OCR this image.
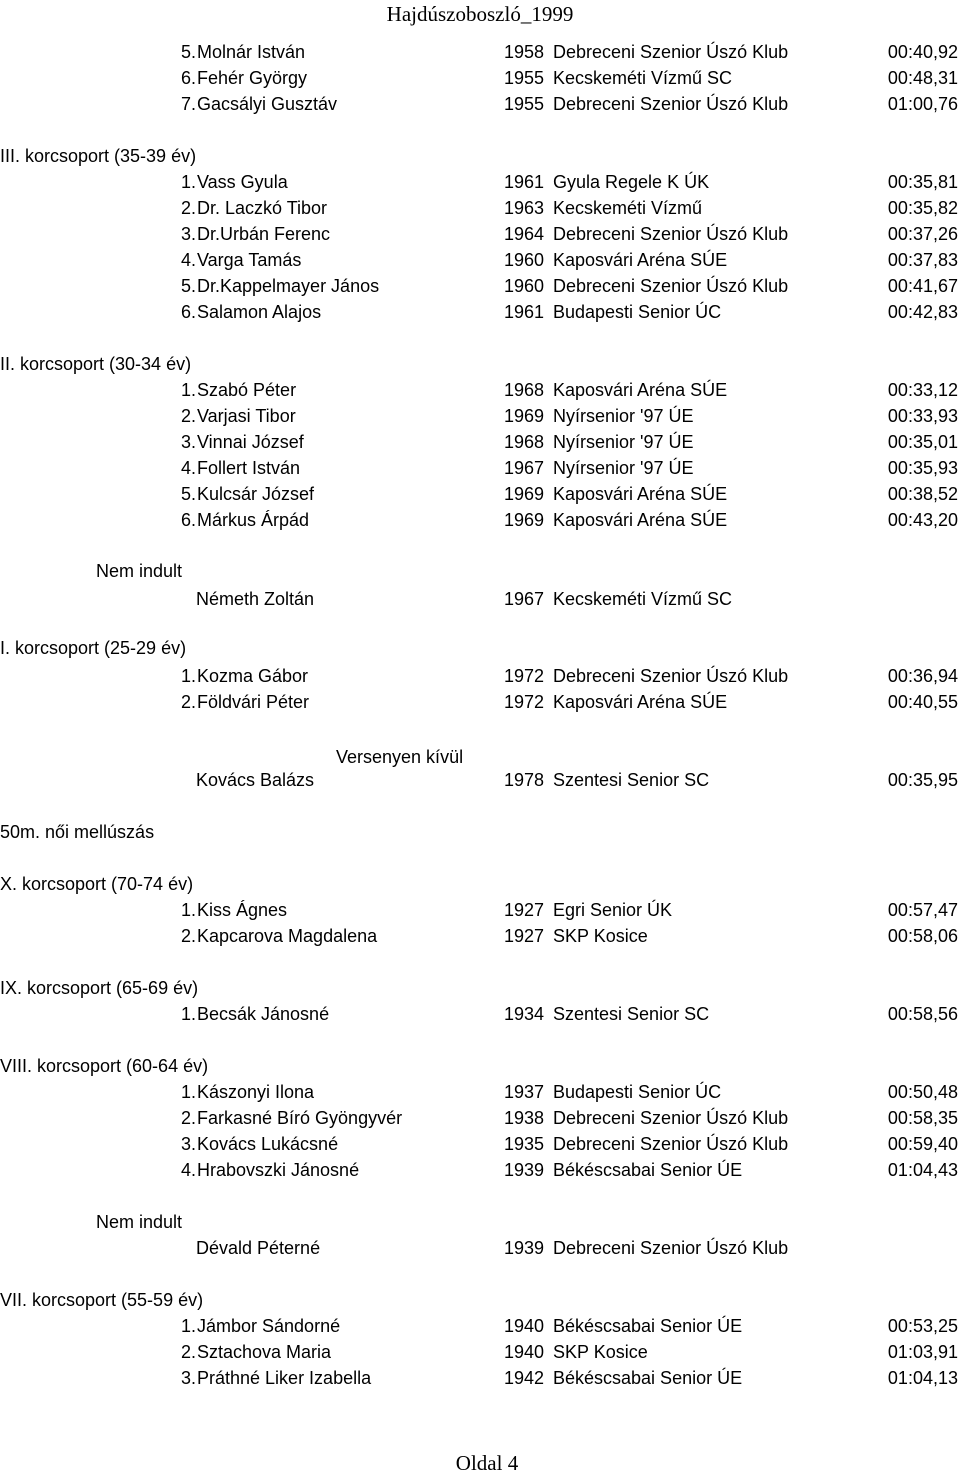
Hajdúszoboszló_1999
5. Molnár István	1958 Debreceni Szenior Úszó Klub	00:40,92
6. Fehér György	1955 Kecskeméti Vízmű SC	00:48,31
7. Gacsályi Gusztáv	1955 Debreceni Szenior Úszó Klub	01:00,76
III. korcsoport (35-39 év)
1. Vass Gyula	1961 Gyula Regele K ÚK	00:35,81
2. Dr. Laczkó Tibor	1963 Kecskeméti Vízmű	00:35,82
3. Dr.Urbán Ferenc	1964 Debreceni Szenior Úszó Klub	00:37,26
4. Varga Tamás	1960 Kaposvári Aréna SÚE	00:37,83
5. Dr.Kappelmayer János	1960 Debreceni Szenior Úszó Klub	00:41,67
6. Salamon Alajos	1961 Budapesti Senior ÚC	00:42,83
II. korcsoport (30-34 év)
1. Szabó Péter	1968 Kaposvári Aréna SÚE	00:33,12
2. Varjasi Tibor	1969 Nyírsenior '97 ÚE	00:33,93
3. Vinnai József	1968 Nyírsenior '97 ÚE	00:35,01
4. Follert István	1967 Nyírsenior '97 ÚE	00:35,93
5. Kulcsár József	1969 Kaposvári Aréna SÚE	00:38,52
6. Márkus Árpád	1969 Kaposvári Aréna SÚE	00:43,20
Nem indult
Németh Zoltán	1967 Kecskeméti Vízmű SC
I. korcsoport (25-29 év)
1. Kozma Gábor	1972 Debreceni Szenior Úszó Klub	00:36,94
2. Földvári Péter	1972 Kaposvári Aréna SÚE	00:40,55
Versenyen kívül
Kovács Balázs	1978 Szentesi Senior SC	00:35,95
50m. női mellúszás
X. korcsoport (70-74 év)
1. Kiss Ágnes	1927 Egri Senior ÚK	00:57,47
2. Kapcarova Magdalena	1927 SKP Kosice	00:58,06
IX. korcsoport (65-69 év)
1. Becsák Jánosné	1934 Szentesi Senior SC	00:58,56
VIII. korcsoport (60-64 év)
1. Kászonyi Ilona	1937 Budapesti Senior ÚC	00:50,48
2. Farkasné Bíró Gyöngyvér	1938 Debreceni Szenior Úszó Klub	00:58,35
3. Kovács Lukácsné	1935 Debreceni Szenior Úszó Klub	00:59,40
4. Hrabovszki Jánosné	1939 Békéscsabai Senior ÚE	01:04,43
Nem indult
Dévald Péterné	1939 Debreceni Szenior Úszó Klub
VII. korcsoport (55-59 év)
1. Jámbor Sándorné	1940 Békéscsabai Senior ÚE	00:53,25
2. Sztachova Maria	1940 SKP Kosice	01:03,91
3. Práthné Liker Izabella	1942 Békéscsabai Senior ÚE	01:04,13
Oldal 4
